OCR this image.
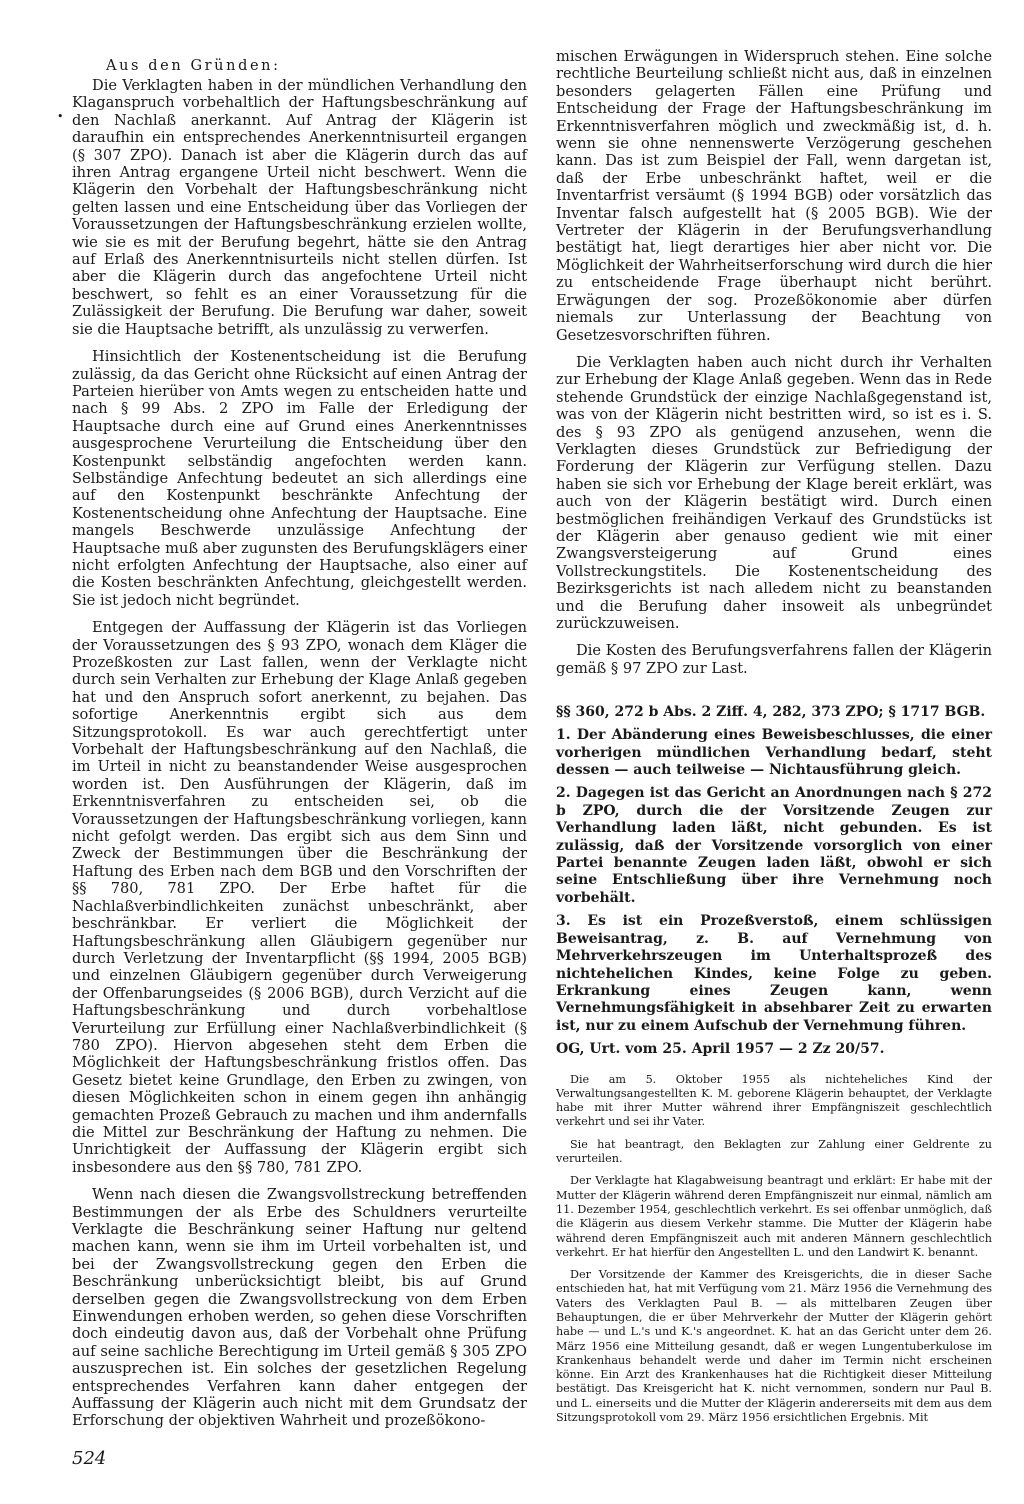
•
Aus den Gründen:

Die Verklagten haben in der mündlichen Verhandlung den Klaganspruch vorbehaltlich der Haftungsbeschränkung auf den Nachlaß anerkannt. Auf Antrag der Klägerin ist daraufhin ein entsprechendes Anerkenntnisurteil ergangen (§ 307 ZPO). Danach ist aber die Klägerin durch das auf ihren Antrag ergangene Urteil nicht beschwert. Wenn die Klägerin den Vorbehalt der Haftungsbeschränkung nicht gelten lassen und eine Entscheidung über das Vorliegen der Voraussetzungen der Haftungsbeschränkung erzielen wollte, wie sie es mit der Berufung begehrt, hätte sie den Antrag auf Erlaß des Anerkenntnisurteils nicht stellen dürfen. Ist aber die Klägerin durch das angefochtene Urteil nicht beschwert, so fehlt es an einer Voraussetzung für die Zulässigkeit der Berufung. Die Berufung war daher, soweit sie die Hauptsache betrifft, als unzulässig zu verwerfen.

Hinsichtlich der Kostenentscheidung ist die Berufung zulässig, da das Gericht ohne Rücksicht auf einen Antrag der Parteien hierüber von Amts wegen zu entscheiden hatte und nach § 99 Abs. 2 ZPO im Falle der Erledigung der Hauptsache durch eine auf Grund eines Anerkenntnisses ausgesprochene Verurteilung die Entscheidung über den Kostenpunkt selbständig angefochten werden kann. Selbständige Anfechtung bedeutet an sich allerdings eine auf den Kostenpunkt beschränkte Anfechtung der Kostenentscheidung ohne Anfechtung der Hauptsache. Eine mangels Beschwerde unzulässige Anfechtung der Hauptsache muß aber zugunsten des Berufungsklägers einer nicht erfolgten Anfechtung der Hauptsache, also einer auf die Kosten beschränkten Anfechtung, gleichgestellt werden. Sie ist jedoch nicht begründet.

Entgegen der Auffassung der Klägerin ist das Vorliegen der Voraussetzungen des § 93 ZPO, wonach dem Kläger die Prozeßkosten zur Last fallen, wenn der Verklagte nicht durch sein Verhalten zur Erhebung der Klage Anlaß gegeben hat und den Anspruch sofort anerkennt, zu bejahen. Das sofortige Anerkenntnis ergibt sich aus dem Sitzungsprotokoll. Es war auch gerechtfertigt unter Vorbehalt der Haftungsbeschränkung auf den Nachlaß, die im Urteil in nicht zu beanstandender Weise ausgesprochen worden ist. Den Ausführungen der Klägerin, daß im Erkenntnisverfahren zu entscheiden sei, ob die Voraussetzungen der Haftungsbeschränkung vorliegen, kann nicht gefolgt werden. Das ergibt sich aus dem Sinn und Zweck der Bestimmungen über die Beschränkung der Haftung des Erben nach dem BGB und den Vorschriften der §§ 780, 781 ZPO. Der Erbe haftet für die Nachlaßverbindlichkeiten zunächst unbeschränkt, aber beschränkbar. Er verliert die Möglichkeit der Haftungsbeschränkung allen Gläubigern gegenüber nur durch Verletzung der Inventarpflicht (§§ 1994, 2005 BGB) und einzelnen Gläubigern gegenüber durch Verweigerung der Offenbarungseides (§ 2006 BGB), durch Verzicht auf die Haftungsbeschränkung und durch vorbehaltlose Verurteilung zur Erfüllung einer Nachlaßverbindlichkeit (§ 780 ZPO). Hiervon abgesehen steht dem Erben die Möglichkeit der Haftungsbeschränkung fristlos offen. Das Gesetz bietet keine Grundlage, den Erben zu zwingen, von diesen Möglichkeiten schon in einem gegen ihn anhängig gemachten Prozeß Gebrauch zu machen und ihm andernfalls die Mittel zur Beschränkung der Haftung zu nehmen. Die Unrichtigkeit der Auffassung der Klägerin ergibt sich insbesondere aus den §§ 780, 781 ZPO.

Wenn nach diesen die Zwangsvollstreckung betreffenden Bestimmungen der als Erbe des Schuldners verurteilte Verklagte die Beschränkung seiner Haftung nur geltend machen kann, wenn sie ihm im Urteil vorbehalten ist, und bei der Zwangsvollstreckung gegen den Erben die Beschränkung unberücksichtigt bleibt, bis auf Grund derselben gegen die Zwangsvollstreckung von dem Erben Einwendungen erhoben werden, so gehen diese Vorschriften doch eindeutig davon aus, daß der Vorbehalt ohne Prüfung auf seine sachliche Berechtigung im Urteil gemäß § 305 ZPO auszusprechen ist. Ein solches der gesetzlichen Regelung entsprechendes Verfahren kann daher entgegen der Auffassung der Klägerin auch nicht mit dem Grundsatz der Erforschung der objektiven Wahrheit und prozeßökono-

mischen Erwägungen in Widerspruch stehen. Eine solche rechtliche Beurteilung schließt nicht aus, daß in einzelnen besonders gelagerten Fällen eine Prüfung und Entscheidung der Frage der Haftungsbeschränkung im Erkenntnisverfahren möglich und zweckmäßig ist, d. h. wenn sie ohne nennenswerte Verzögerung geschehen kann. Das ist zum Beispiel der Fall, wenn dargetan ist, daß der Erbe unbeschränkt haftet, weil er die Inventarfrist versäumt (§ 1994 BGB) oder vorsätzlich das Inventar falsch aufgestellt hat (§ 2005 BGB). Wie der Vertreter der Klägerin in der Berufungsverhandlung bestätigt hat, liegt derartiges hier aber nicht vor. Die Möglichkeit der Wahrheitserforschung wird durch die hier zu entscheidende Frage überhaupt nicht berührt. Erwägungen der sog. Prozeßökonomie aber dürfen niemals zur Unterlassung der Beachtung von Gesetzesvorschriften führen.

Die Verklagten haben auch nicht durch ihr Verhalten zur Erhebung der Klage Anlaß gegeben. Wenn das in Rede stehende Grundstück der einzige Nachlaßgegenstand ist, was von der Klägerin nicht bestritten wird, so ist es i. S. des § 93 ZPO als genügend anzusehen, wenn die Verklagten dieses Grundstück zur Befriedigung der Forderung der Klägerin zur Verfügung stellen. Dazu haben sie sich vor Erhebung der Klage bereit erklärt, was auch von der Klägerin bestätigt wird. Durch einen bestmöglichen freihändigen Verkauf des Grundstücks ist der Klägerin aber genauso gedient wie mit einer Zwangsversteigerung auf Grund eines Vollstreckungstitels. Die Kostenentscheidung des Bezirksgerichts ist nach alledem nicht zu beanstanden und die Berufung daher insoweit als unbegründet zurückzuweisen.

Die Kosten des Berufungsverfahrens fallen der Klägerin gemäß § 97 ZPO zur Last.

§§ 360, 272 b Abs. 2 Ziff. 4, 282, 373 ZPO; § 1717 BGB.

1. Der Abänderung eines Beweisbeschlusses, die einer vorherigen mündlichen Verhandlung bedarf, steht dessen — auch teilweise — Nichtausführung gleich.

2. Dagegen ist das Gericht an Anordnungen nach § 272 b ZPO, durch die der Vorsitzende Zeugen zur Verhandlung laden läßt, nicht gebunden. Es ist zulässig, daß der Vorsitzende vorsorglich von einer Partei benannte Zeugen laden läßt, obwohl er sich seine Entschließung über ihre Vernehmung noch vorbehält.

3. Es ist ein Prozeßverstoß, einem schlüssigen Beweisantrag, z. B. auf Vernehmung von Mehrverkehrszeugen im Unterhaltsprozeß des nichtehelichen Kindes, keine Folge zu geben. Erkrankung eines Zeugen kann, wenn Vernehmungsfähigkeit in absehbarer Zeit zu erwarten ist, nur zu einem Aufschub der Vernehmung führen.

OG, Urt. vom 25. April 1957 — 2 Zz 20/57.

Die am 5. Oktober 1955 als nichteheliches Kind der Verwaltungsangestellten K. M. geborene Klägerin behauptet, der Verklagte habe mit ihrer Mutter während ihrer Empfängniszeit geschlechtlich verkehrt und sei ihr Vater.

Sie hat beantragt, den Beklagten zur Zahlung einer Geldrente zu verurteilen.

Der Verklagte hat Klagabweisung beantragt und erklärt: Er habe mit der Mutter der Klägerin während deren Empfängniszeit nur einmal, nämlich am 11. Dezember 1954, geschlechtlich verkehrt. Es sei offenbar unmöglich, daß die Klägerin aus diesem Verkehr stamme. Die Mutter der Klägerin habe während deren Empfängniszeit auch mit anderen Männern geschlechtlich verkehrt. Er hat hierfür den Angestellten L. und den Landwirt K. benannt.

Der Vorsitzende der Kammer des Kreisgerichts, die in dieser Sache entschieden hat, hat mit Verfügung vom 21. März 1956 die Vernehmung des Vaters des Verklagten Paul B. — als mittelbaren Zeugen über Behauptungen, die er über Mehrverkehr der Mutter der Klägerin gehört habe — und L.'s und K.'s angeordnet. K. hat an das Gericht unter dem 26. März 1956 eine Mitteilung gesandt, daß er wegen Lungentuberkulose im Krankenhaus behandelt werde und daher im Termin nicht erscheinen könne. Ein Arzt des Krankenhauses hat die Richtigkeit dieser Mitteilung bestätigt. Das Kreisgericht hat K. nicht vernommen, sondern nur Paul B. und L. einerseits und die Mutter der Klägerin andererseits mit dem aus dem Sitzungsprotokoll vom 29. März 1956 ersichtlichen Ergebnis. Mit

524
